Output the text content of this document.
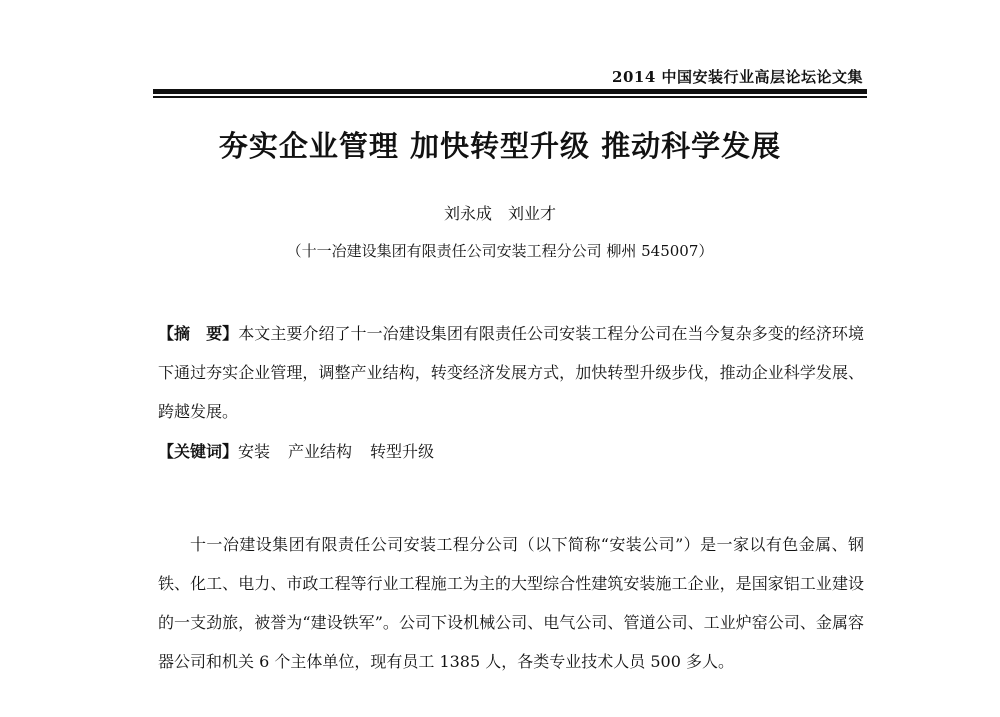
2014 中国安装行业高层论坛论文集
夯实企业管理 加快转型升级 推动科学发展
刘永成　刘业才
（十一冶建设集团有限责任公司安装工程分公司 柳州 545007）
【摘　要】本文主要介绍了十一冶建设集团有限责任公司安装工程分公司在当今复杂多变的经济环境下通过夯实企业管理，调整产业结构，转变经济发展方式，加快转型升级步伐，推动企业科学发展、跨越发展。
【关键词】安装 产业结构 转型升级
十一冶建设集团有限责任公司安装工程分公司（以下简称“安装公司”）是一家以有色金属、钢铁、化工、电力、市政工程等行业工程施工为主的大型综合性建筑安装施工企业，是国家铝工业建设的一支劲旅，被誉为“建设铁军”。公司下设机械公司、电气公司、管道公司、工业炉窑公司、金属容器公司和机关 6 个主体单位，现有员工 1385 人，各类专业技术人员 500 多人。
